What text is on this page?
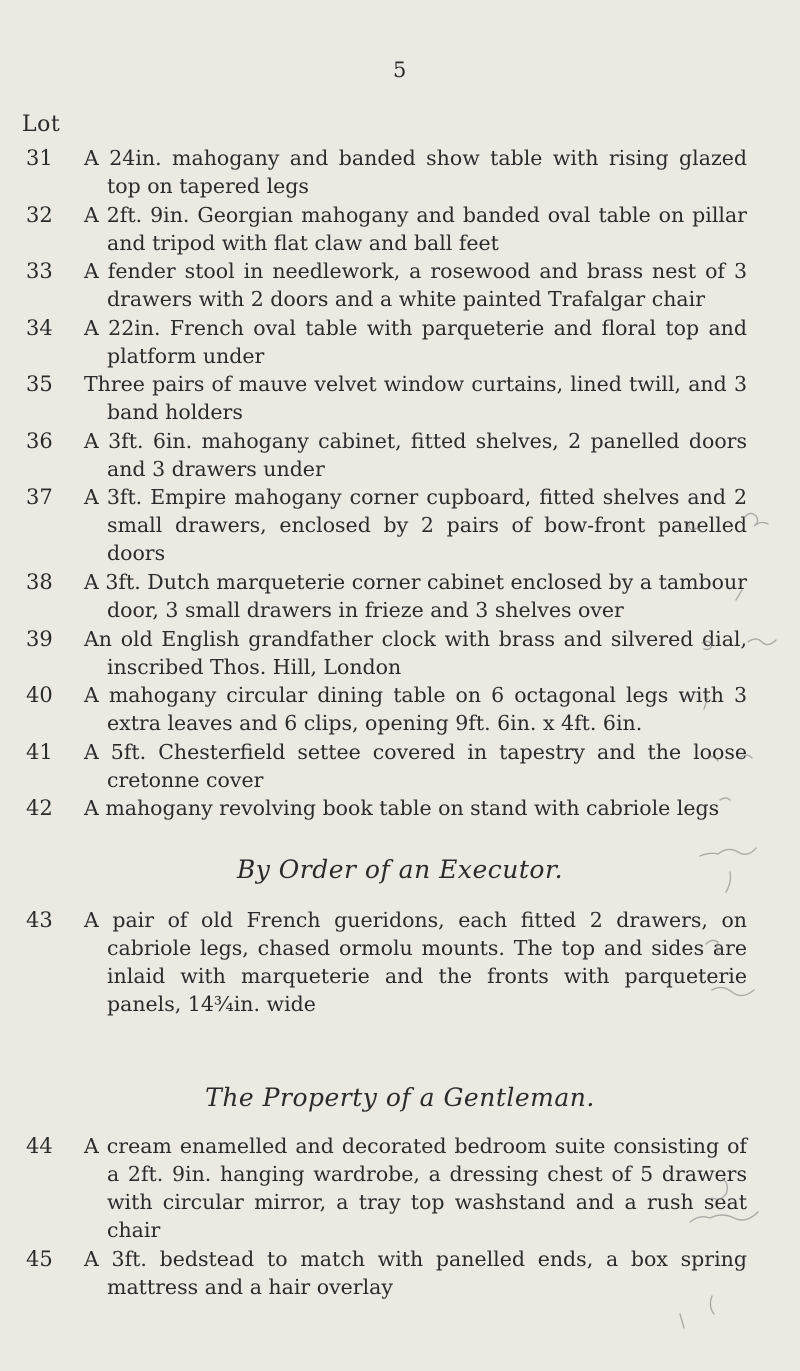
5
Lot
31 A 24in. mahogany and banded show table with rising glazed top on tapered legs
32 A 2ft. 9in. Georgian mahogany and banded oval table on pillar and tripod with flat claw and ball feet
33 A fender stool in needlework, a rosewood and brass nest of 3 drawers with 2 doors and a white painted Trafalgar chair
34 A 22in. French oval table with parqueterie and floral top and platform under
35 Three pairs of mauve velvet window curtains, lined twill, and 3 band holders
36 A 3ft. 6in. mahogany cabinet, fitted shelves, 2 panelled doors and 3 drawers under
37 A 3ft. Empire mahogany corner cupboard, fitted shelves and 2 small drawers, enclosed by 2 pairs of bow-front panelled doors
38 A 3ft. Dutch marqueterie corner cabinet enclosed by a tambour door, 3 small drawers in frieze and 3 shelves over
39 An old English grandfather clock with brass and silvered dial, inscribed Thos. Hill, London
40 A mahogany circular dining table on 6 octagonal legs with 3 extra leaves and 6 clips, opening 9ft. 6in. x 4ft. 6in.
41 A 5ft. Chesterfield settee covered in tapestry and the loose cretonne cover
42 A mahogany revolving book table on stand with cabriole legs
By Order of an Executor.
43 A pair of old French gueridons, each fitted 2 drawers, on cabriole legs, chased ormolu mounts. The top and sides are inlaid with marqueterie and the fronts with parqueterie panels, 14¾in. wide
The Property of a Gentleman.
44 A cream enamelled and decorated bedroom suite consisting of a 2ft. 9in. hanging wardrobe, a dressing chest of 5 drawers with circular mirror, a tray top washstand and a rush seat chair
45 A 3ft. bedstead to match with panelled ends, a box spring mattress and a hair overlay
